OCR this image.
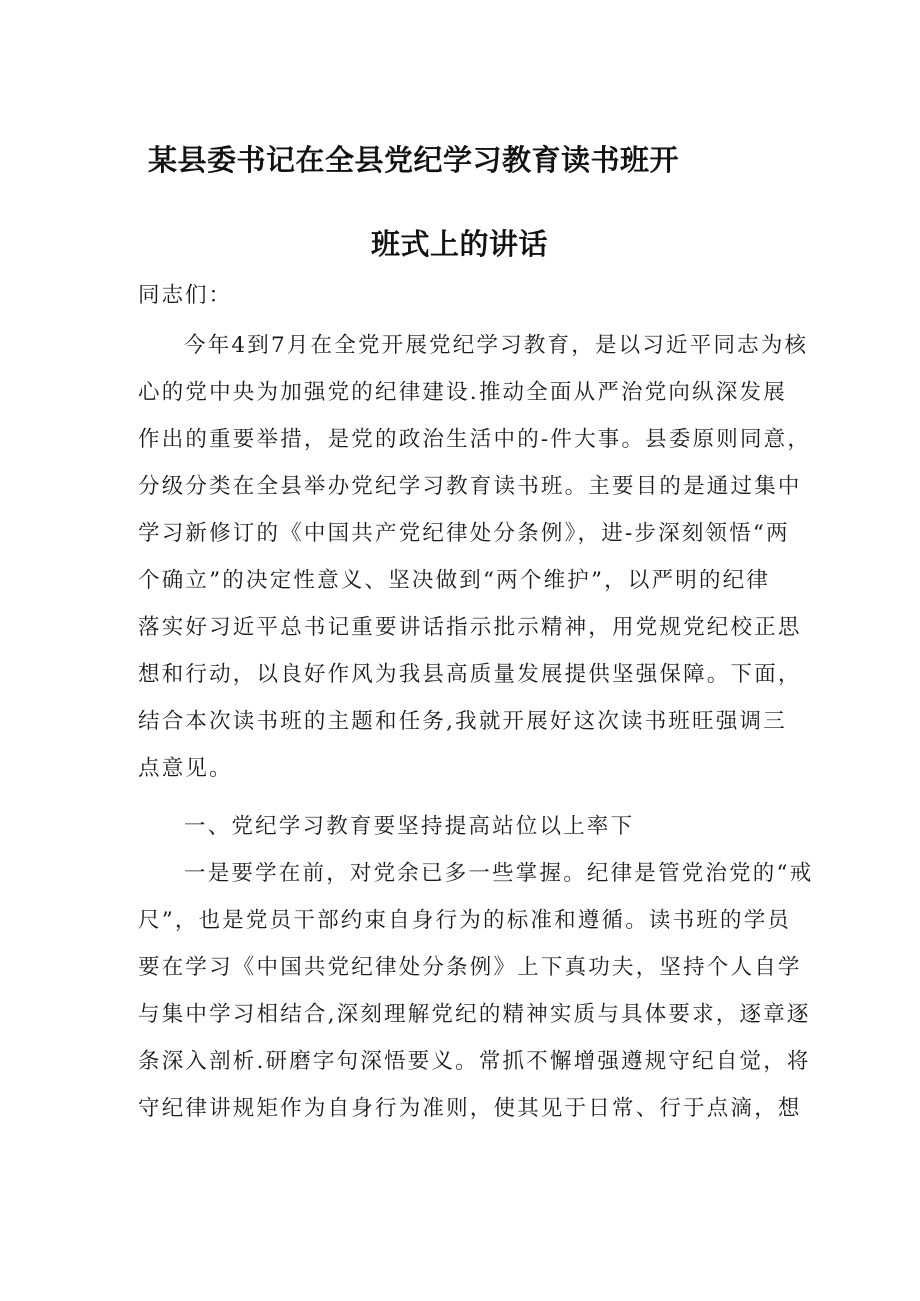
某县委书记在全县党纪学习教育读书班开
班式上的讲话
同志们：
今年4到7月在全党开展党纪学习教育，是以习近平同志为核
心的党中央为加强党的纪律建设.推动全面从严治党向纵深发展
作出的重要举措，是党的政治生活中的-件大事。县委原则同意，
分级分类在全县举办党纪学习教育读书班。主要目的是通过集中
学习新修订的《中国共产党纪律处分条例》，进-步深刻领悟“两
个确立”的决定性意义、坚决做到“两个维护”，以严明的纪律
落实好习近平总书记重要讲话指示批示精神，用党规党纪校正思
想和行动，以良好作风为我县高质量发展提供坚强保障。下面，
结合本次读书班的主题和任务,我就开展好这次读书班旺强调三
点意见。
一、党纪学习教育要坚持提高站位以上率下
一是要学在前，对党余已多一些掌握。纪律是管党治党的“戒
尺”，也是党员干部约束自身行为的标准和遵循。读书班的学员
要在学习《中国共党纪律处分条例》上下真功夫，坚持个人自学
与集中学习相结合,深刻理解党纪的精神实质与具体要求，逐章逐
条深入剖析.研磨字句深悟要义。常抓不懈增强遵规守纪自觉，将
守纪律讲规矩作为自身行为准则，使其见于日常、行于点滴，想
